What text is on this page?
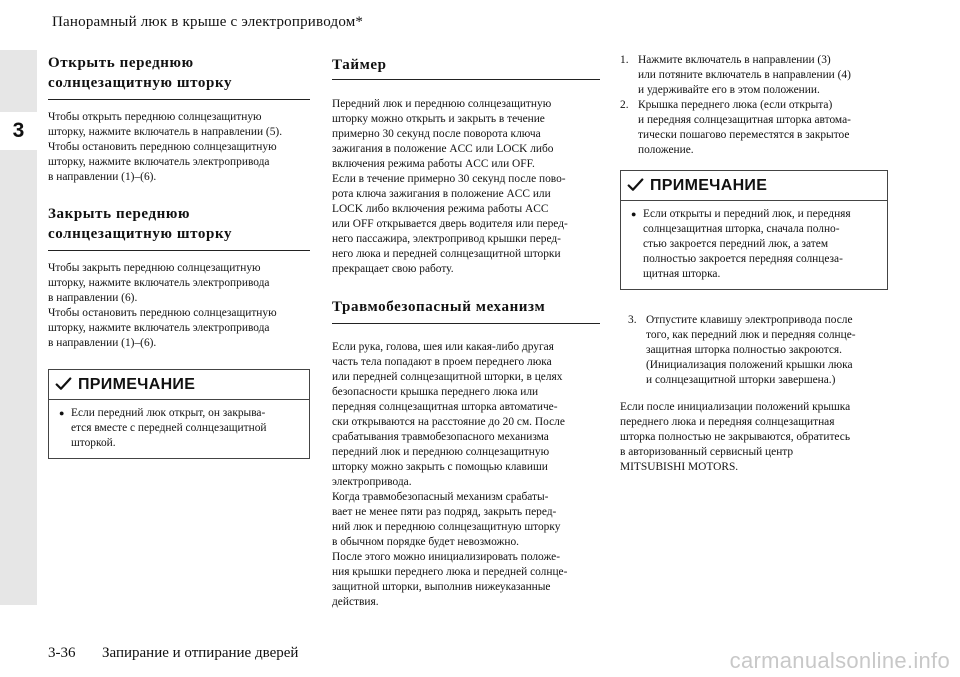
Панорамный люк в крыше с электроприводом*
3
Открыть переднюю
солнцезащитную шторку
Чтобы открыть переднюю солнцезащитную
шторку, нажмите включатель в направлении (5).
Чтобы остановить переднюю солнцезащитную
шторку, нажмите включатель электропривода
в направлении (1)–(6).
Закрыть переднюю
солнцезащитную шторку
Чтобы закрыть переднюю солнцезащитную
шторку, нажмите включатель электропривода
в направлении (6).
Чтобы остановить переднюю солнцезащитную
шторку, нажмите включатель электропривода
в направлении (1)–(6).
ПРИМЕЧАНИЕ
● Если передний люк открыт, он закрыва-
ется вместе с передней солнцезащитной
шторкой.
Таймер
Передний люк и переднюю солнцезащитную
шторку можно открыть и закрыть в течение
примерно 30 секунд после поворота ключа
зажигания в положение ACC или LOCK либо
включения режима работы ACC или OFF.
Если в течение примерно 30 секунд после пово-
рота ключа зажигания в положение ACC или
LOCK либо включения режима работы ACC
или OFF открывается дверь водителя или перед-
него пассажира, электропривод крышки перед-
него люка и передней солнцезащитной шторки
прекращает свою работу.
Травмобезопасный механизм
Если рука, голова, шея или какая-либо другая
часть тела попадают в проем переднего люка
или передней солнцезащитной шторки, в целях
безопасности крышка переднего люка или
передняя солнцезащитная шторка автоматиче-
ски открываются на расстояние до 20 см. После
срабатывания травмобезопасного механизма
передний люк и переднюю солнцезащитную
шторку можно закрыть с помощью клавиши
электропривода.
Когда травмобезопасный механизм срабаты-
вает не менее пяти раз подряд, закрыть перед-
ний люк и переднюю солнцезащитную шторку
в обычном порядке будет невозможно.
После этого можно инициализировать положе-
ния крышки переднего люка и передней солнце-
защитной шторки, выполнив нижеуказанные
действия.
1. Нажмите включатель в направлении (3)
или потяните включатель в направлении (4)
и удерживайте его в этом положении.
2. Крышка переднего люка (если открыта)
и передняя солнцезащитная шторка автома-
тически пошагово переместятся в закрытое
положение.
ПРИМЕЧАНИЕ
● Если открыты и передний люк, и передняя
солнцезащитная шторка, сначала полно-
стью закроется передний люк, а затем
полностью закроется передняя солнцеза-
щитная шторка.
3. Отпустите клавишу электропривода после
того, как передний люк и передняя солнце-
защитная шторка полностью закроются.
(Инициализация положений крышки люка
и солнцезащитной шторки завершена.)
Если после инициализации положений крышка
переднего люка и передняя солнцезащитная
шторка полностью не закрываются, обратитесь
в авторизованный сервисный центр
MITSUBISHI MOTORS.
3-36 Запирание и отпирание дверей	carmanualsonline.info
